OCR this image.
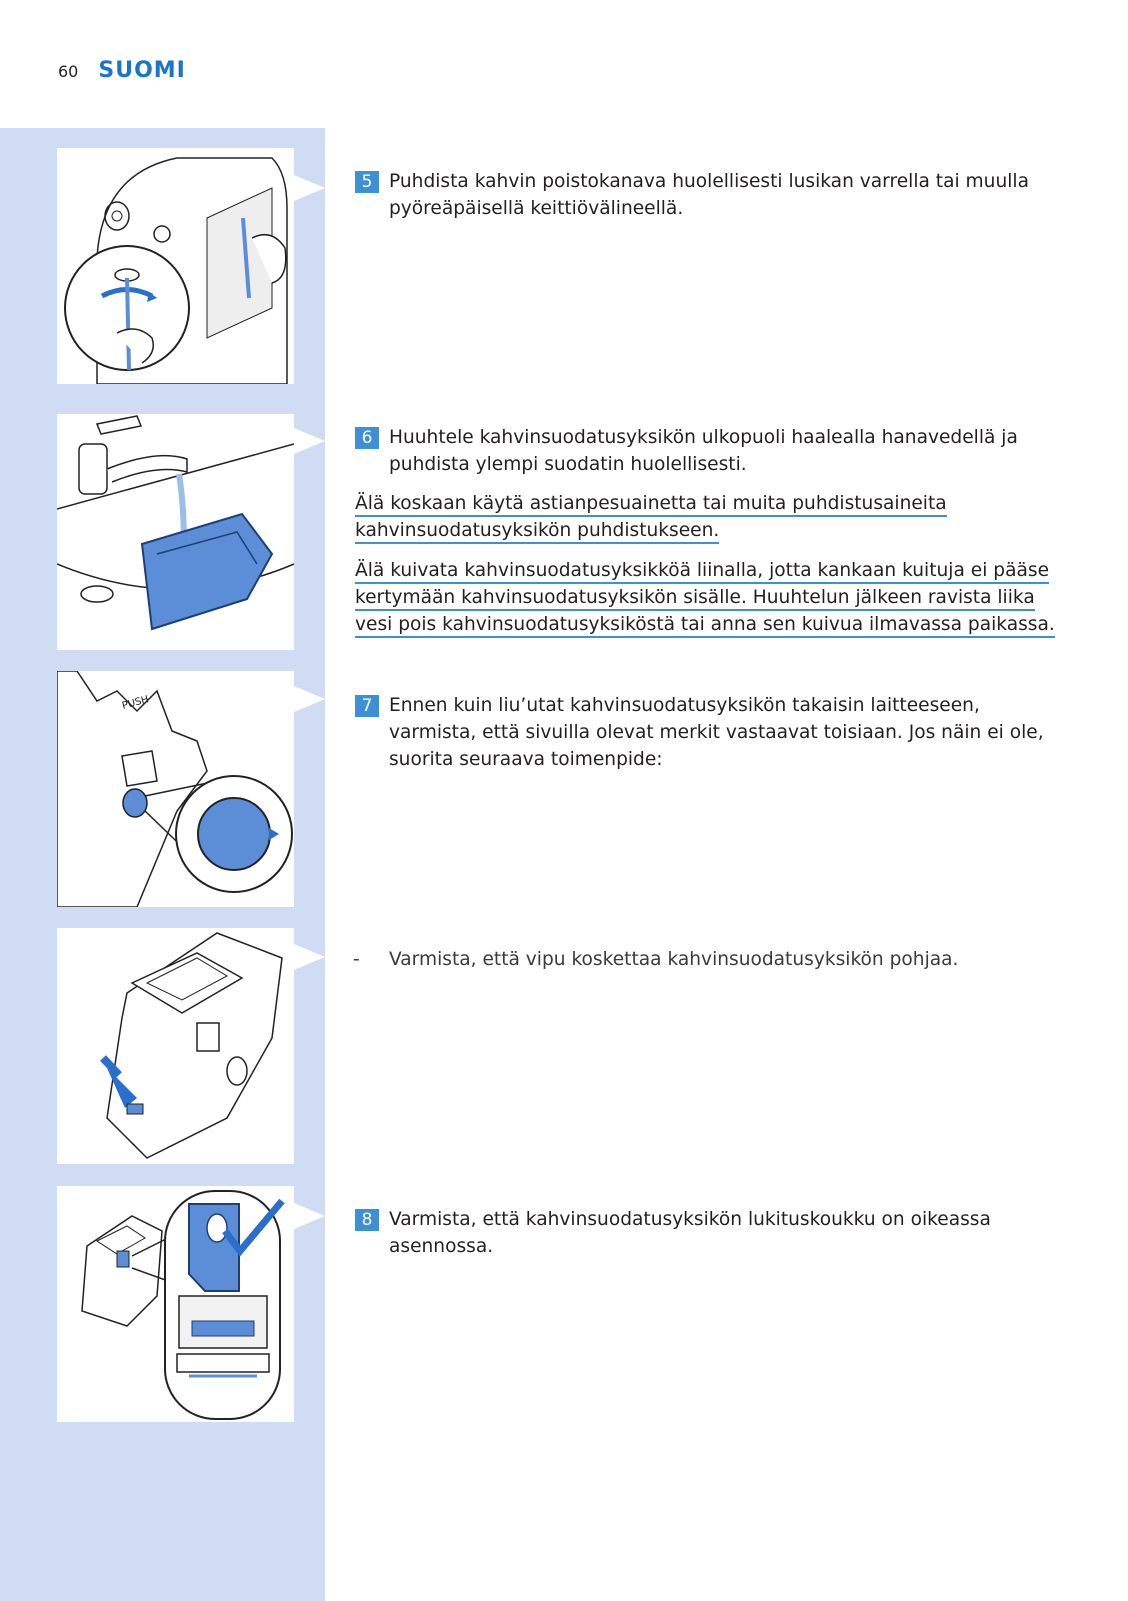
60 SUOMI
PUSH
5 Puhdista kahvin poistokanava huolellisesti lusikan varrella tai muulla pyöreäpäisellä keittiövälineellä.
6 Huuhtele kahvinsuodatusyksikön ulkopuoli haalealla hanavedellä ja puhdista ylempi suodatin huolellisesti.
Älä koskaan käytä astianpesuainetta tai muita puhdistusaineita
kahvinsuodatusyksikön puhdistukseen.
Älä kuivata kahvinsuodatusyksikköä liinalla, jotta kankaan kuituja ei pääse
kertymään kahvinsuodatusyksikön sisälle. Huuhtelun jälkeen ravista liika
vesi pois kahvinsuodatusyksiköstä tai anna sen kuivua ilmavassa paikassa.
7 Ennen kuin liu’utat kahvinsuodatusyksikön takaisin laitteeseen, varmista, että sivuilla olevat merkit vastaavat toisiaan. Jos näin ei ole, suorita seuraava toimenpide:
-	Varmista, että vipu koskettaa kahvinsuodatusyksikön pohjaa.
8 Varmista, että kahvinsuodatusyksikön lukituskoukku on oikeassa asennossa.
